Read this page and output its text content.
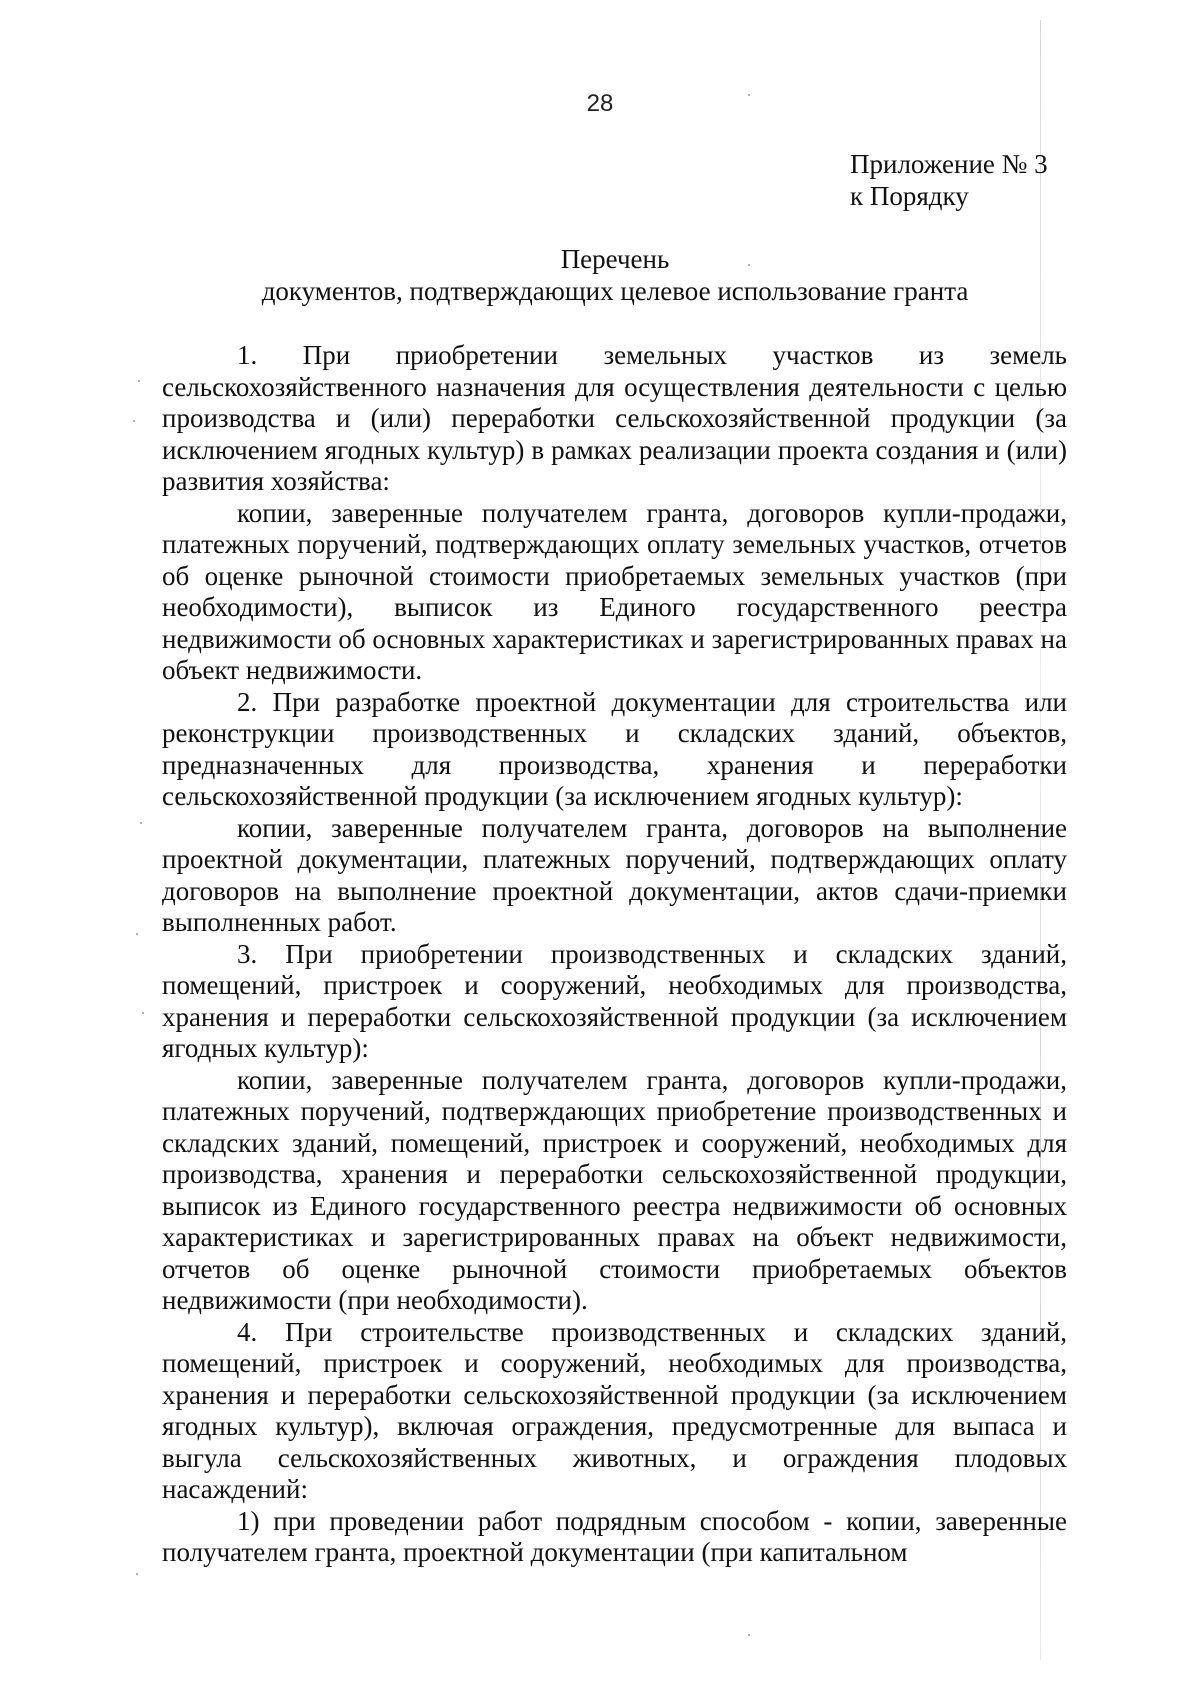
28
Приложение № 3
к Порядку
Перечень
документов, подтверждающих целевое использование гранта

1. При приобретении земельных участков из земель сельскохозяйственного назначения для осуществления деятельности с целью производства и (или) переработки сельскохозяйственной продукции (за исключением ягодных культур) в рамках реализации проекта создания и (или) развития хозяйства:

копии, заверенные получателем гранта, договоров купли-продажи, платежных поручений, подтверждающих оплату земельных участков, отчетов об оценке рыночной стоимости приобретаемых земельных участков (при необходимости), выписок из Единого государственного реестра недвижимости об основных характеристиках и зарегистрированных правах на объект недвижимости.

2. При разработке проектной документации для строительства или реконструкции производственных и складских зданий, объектов, предназначенных для производства, хранения и переработки сельскохозяйственной продукции (за исключением ягодных культур):

копии, заверенные получателем гранта, договоров на выполнение проектной документации, платежных поручений, подтверждающих оплату договоров на выполнение проектной документации, актов сдачи-приемки выполненных работ.

3. При приобретении производственных и складских зданий, помещений, пристроек и сооружений, необходимых для производства, хранения и переработки сельскохозяйственной продукции (за исключением ягодных культур):

копии, заверенные получателем гранта, договоров купли-продажи, платежных поручений, подтверждающих приобретение производственных и складских зданий, помещений, пристроек и сооружений, необходимых для производства, хранения и переработки сельскохозяйственной продукции, выписок из Единого государственного реестра недвижимости об основных характеристиках и зарегистрированных правах на объект недвижимости, отчетов об оценке рыночной стоимости приобретаемых объектов недвижимости (при необходимости).

4. При строительстве производственных и складских зданий, помещений, пристроек и сооружений, необходимых для производства, хранения и переработки сельскохозяйственной продукции (за исключением ягодных культур), включая ограждения, предусмотренные для выпаса и выгула сельскохозяйственных животных, и ограждения плодовых насаждений:

1) при проведении работ подрядным способом - копии, заверенные получателем гранта, проектной документации (при капитальном
